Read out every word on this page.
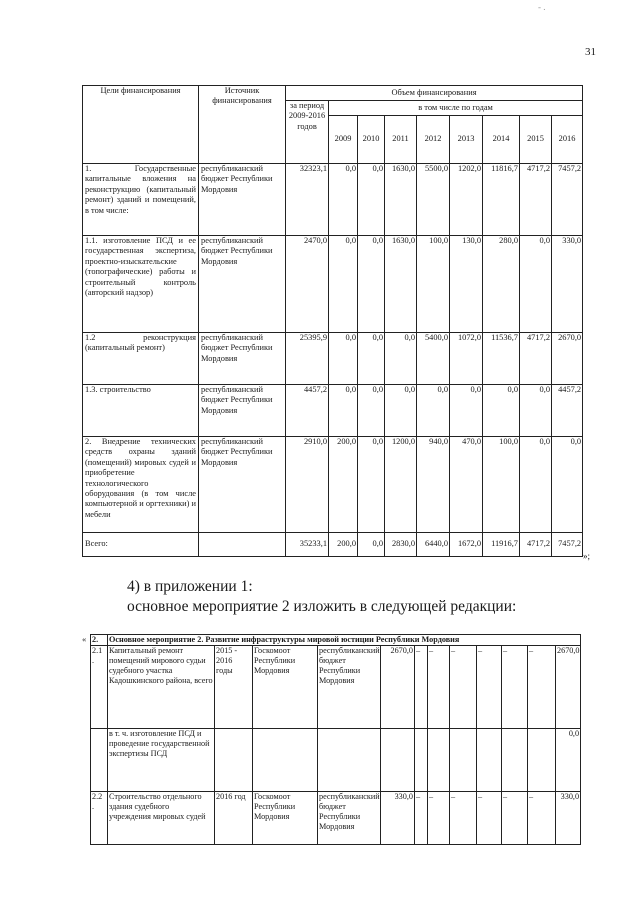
- .
31
Цели финансирования	Источник финансирования	Объем финансирования								
		за период 2009-2016 годов	в том числе по годам							
			2009	2010	2011	2012	2013	2014	2015	2016
1. Государственные капитальные вложения на реконструкцию (капитальный ремонт) зданий и помещений, в том числе:	республиканский бюджет Республики Мордовия	32323,1	0,0	0,0	1630,0	5500,0	1202,0	11816,7	4717,2	7457,2
1.1. изготовление ПСД и ее государственная экспертиза, проектно-изыскательские (топографические) работы и строительный контроль (авторский надзор)	республиканский бюджет Республики Мордовия	2470,0	0,0	0,0	1630,0	100,0	130,0	280,0	0,0	330,0
1.2 реконструкция (капитальный ремонт)	республиканский бюджет Республики Мордовия	25395,9	0,0	0,0	0,0	5400,0	1072,0	11536,7	4717,2	2670,0
1.3. строительство	республиканский бюджет Республики Мордовия	4457,2	0,0	0,0	0,0	0,0	0,0	0,0	0,0	4457,2
2. Внедрение технических средств охраны зданий (помещений) мировых судей и приобретение технологического оборудования (в том числе компьютерной и оргтехники) и мебели	республиканский бюджет Республики Мордовия	2910,0	200,0	0,0	1200,0	940,0	470,0	100,0	0,0	0,0
Всего:		35233,1	200,0	0,0	2830,0	6440,0	1672,0	11916,7	4717,2	7457,2
»;
4) в приложении 1:
основное мероприятие 2 изложить в следующей редакции:
« 2.	Основное мероприятие 2. Развитие инфраструктуры мировой юстиции Республики Мордовия											
2.1 .	Капитальный ремонт помещений мирового судьи судебного участка Кадошкинского района, всего	2015 - 2016 годы	Госкомоот Республики Мордовия	республиканский бюджет Республики Мордовия	2670,0	–	–	–	–	–	–	2670,0
	в т. ч. изготовление ПСД и проведение государственной экспертизы ПСД											0,0
2.2 .	Строительство отдельного здания судебного учреждения мировых судей	2016 год	Госкомоот Республики Мордовия	республиканский бюджет Республики Мордовия	330,0	–	–	–	–	–	–	330,0
